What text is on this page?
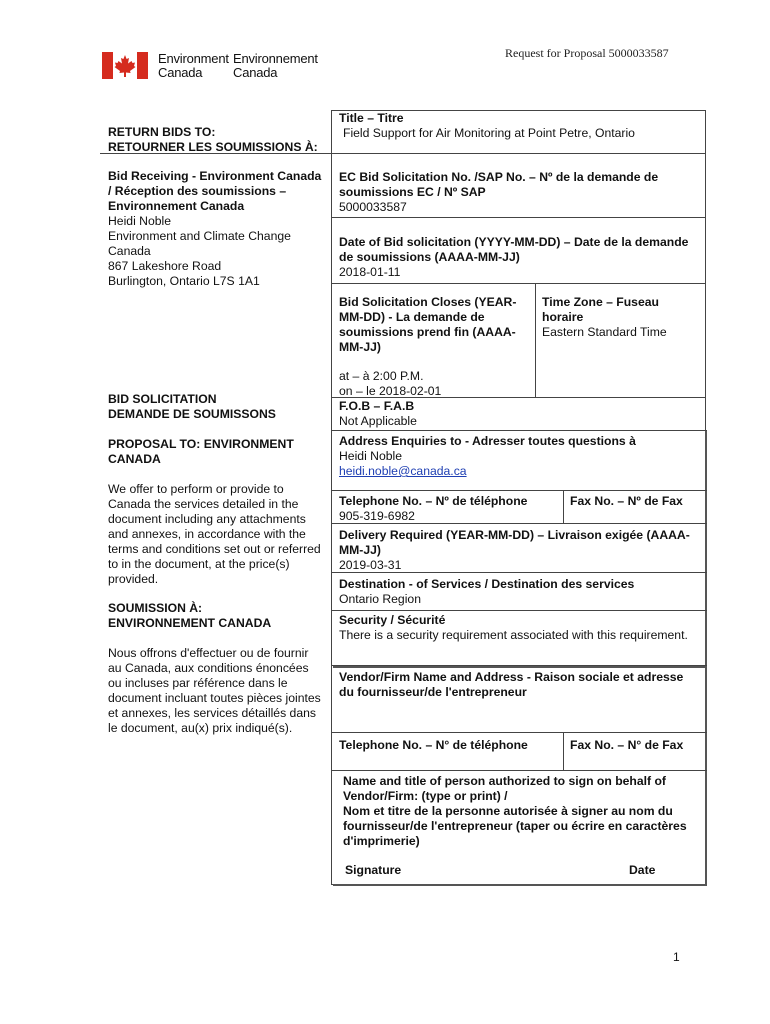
Environment
Canada
Environnement
Canada
Request for Proposal 5000033587
RETURN BIDS TO:
RETOURNER LES SOUMISSIONS À:
Bid Receiving - Environment Canada
/ Réception des soumissions –
Environnement Canada
Heidi Noble
Environment and Climate Change
Canada
867 Lakeshore Road
Burlington, Ontario L7S 1A1
BID SOLICITATION
DEMANDE DE SOUMISSONS
PROPOSAL TO: ENVIRONMENT
CANADA
We offer to perform or provide to
Canada the services detailed in the
document including any attachments
and annexes, in accordance with the
terms and conditions set out or referred
to in the document, at the price(s)
provided.
SOUMISSION À:
ENVIRONNEMENT CANADA
Nous offrons d'effectuer ou de fournir
au Canada, aux conditions énoncées
ou incluses par référence dans le
document incluant toutes pièces jointes
et annexes, les services détaillés dans
le document, au(x) prix indiqué(s).
Title – Titre
Field Support for Air Monitoring at Point Petre, Ontario
EC Bid Solicitation No. /SAP No. – Nº de la demande de
soumissions EC / Nº SAP
5000033587
Date of Bid solicitation (YYYY-MM-DD) – Date de la demande
de soumissions (AAAA-MM-JJ)
2018-01-11
Bid Solicitation Closes (YEAR-
MM-DD) - La demande de
soumissions prend fin (AAAA-
MM-JJ)
Time Zone – Fuseau
horaire
Eastern Standard Time
at – à 2:00 P.M.
on – le 2018-02-01
F.O.B – F.A.B
Not Applicable
Address Enquiries to - Adresser toutes questions à
Heidi Noble
heidi.noble@canada.ca
Telephone No. – Nº de téléphone
905-319-6982
Fax No. – Nº de Fax
Delivery Required (YEAR-MM-DD) – Livraison exigée (AAAA-
MM-JJ)
2019-03-31
Destination - of Services / Destination des services
Ontario Region
Security / Sécurité
There is a security requirement associated with this requirement.
Vendor/Firm Name and Address - Raison sociale et adresse
du fournisseur/de l'entrepreneur
Telephone No. – N° de téléphone	Fax No. – N° de Fax
Name and title of person authorized to sign on behalf of
Vendor/Firm: (type or print) /
Nom et titre de la personne autorisée à signer au nom du
fournisseur/de l'entrepreneur (taper ou écrire en caractères
d'imprimerie)
Signature	Date
1
